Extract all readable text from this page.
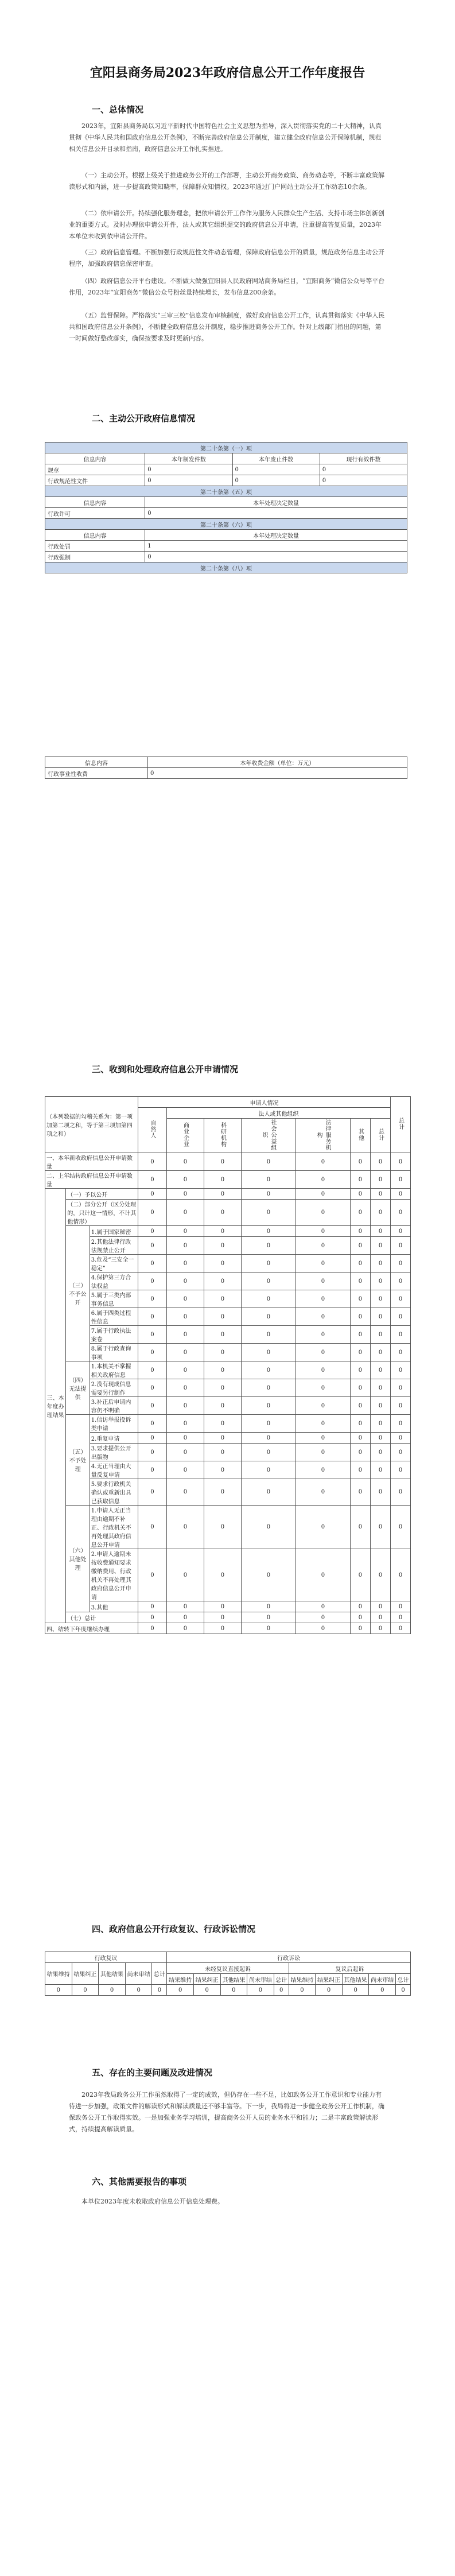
宜阳县商务局2023年政府信息公开工作年度报告
一、总体情况

2023年，宜阳县商务局以习近平新时代中国特色社会主义思想为指导，深入贯彻落实党的二十大精神，认真贯彻《中华人民共和国政府信息公开条例》，不断完善政府信息公开制度，建立健全政府信息公开保障机制，规范相关信息公开目录和指南，政府信息公开工作扎实推进。

（一）主动公开。根据上级关于推进政务公开的工作部署，主动公开商务政策、商务动态等，不断丰富政策解读形式和内涵，进一步提高政策知晓率，保障群众知情权。2023年通过门户网站主动公开工作动态10余条。

（二）依申请公开。持续强化服务理念，把依申请公开工作作为服务人民群众生产生活、支持市场主体创新创业的重要方式。及时办理依申请公开件，法人或其它组织提交的政府信息公开申请，注重提高答复质量，2023年本单位未收到依申请公开件。

（三）政府信息管理。不断加强行政规范性文件动态管理，保障政府信息公开的质量，规范政务信息主动公开程序，加强政府信息保密审查。

（四）政府信息公开平台建设。不断做大做强宜阳县人民政府网站商务局栏目，“宜阳商务”微信公众号等平台作用，2023年“宜阳商务”微信公众号粉丝量持续增长，发布信息200余条。

（五）监督保障。严格落实“三审三校”信息发布审核制度，做好政府信息公开工作，认真贯彻落实《中华人民共和国政府信息公开条例》，不断健全政府信息公开制度，稳步推进商务公开工作。针对上级部门指出的问题，第一时间做好整改落实，确保按要求及时更新内容。

二、主动公开政府信息情况
第二十条第（一）项			
信息内容	本年制发件数	本年废止件数	现行有效件数
规章	0	0	0
行政规范性文件	0	0	0
第二十条第（五）项			
信息内容	本年处理决定数量		
行政许可	0		
第二十条第（六）项			
信息内容	本年处理决定数量		
行政处罚	1		
行政强制	0		
第二十条第（八）项			
信息内容	本年收费金额（单位：万元）
行政事业性收费	0
三、收到和处理政府信息公开申请情况
（本列数据的勾稽关系为：第一项加第二项之和，等于第三项加第四项之和）			申请人情况							总计
			自然人	法人或其他组织						
				商业企业	科研机构	社会公益组织	法律服务机构	其他	总计	
一、本年新收政府信息公开申请数量			0	0	0	0	0	0	0	0
二、上年结转政府信息公开申请数量			0	0	0	0	0	0	0	0
三、本年度办理结果	（一）予以公开		0	0	0	0	0	0	0	0
	（二）部分公开（区分处理的，只计这一情形，不计其他情形）		0	0	0	0	0	0	0	0
	（三）不予公开	1.属于国家秘密	0	0	0	0	0	0	0	0
		2.其他法律行政法规禁止公开	0	0	0	0	0	0	0	0
		3.危及“三安全一稳定”	0	0	0	0	0	0	0	0
		4.保护第三方合法权益	0	0	0	0	0	0	0	0
		5.属于三类内部事务信息	0	0	0	0	0	0	0	0
		6.属于四类过程性信息	0	0	0	0	0	0	0	0
		7.属于行政执法案卷	0	0	0	0	0	0	0	0
		8.属于行政查询事项	0	0	0	0	0	0	0	0
	（四）无法提供	1.本机关不掌握相关政府信息	0	0	0	0	0	0	0	0
		2.没有现成信息需要另行制作	0	0	0	0	0	0	0	0
		3.补正后申请内容仍不明确	0	0	0	0	0	0	0	0
	（五）不予处理	1.信访举报投诉类申请	0	0	0	0	0	0	0	0
		2.重复申请	0	0	0	0	0	0	0	0
		3.要求提供公开出版物	0	0	0	0	0	0	0	0
		4.无正当理由大量反复申请	0	0	0	0	0	0	0	0
		5.要求行政机关确认或重新出具已获取信息	0	0	0	0	0	0	0	0
	（六）其他处理	1.申请人无正当理由逾期不补正、行政机关不再处理其政府信息公开申请	0	0	0	0	0	0	0	0
		2.申请人逾期未按收费通知要求缴纳费用、行政机关不再处理其政府信息公开申请	0	0	0	0	0	0	0	0
		3.其他	0	0	0	0	0	0	0	0
	（七）总计		0	0	0	0	0	0	0	0
四、结转下年度继续办理			0	0	0	0	0	0	0	0
四、政府信息公开行政复议、行政诉讼情况
行政复议					行政诉讼									
结果维持	结果纠正	其他结果	尚未审结	总计	未经复议直接起诉					复议后起诉				
					结果维持	结果纠正	其他结果	尚未审结	总计	结果维持	结果纠正	其他结果	尚未审结	总计
0	0	0	0	0	0	0	0	0	0	0	0	0	0	0
五、存在的主要问题及改进情况

2023年我局政务公开工作虽然取得了一定的成效，但仍存在一些不足，比如政务公开工作意识和专业能力有待进一步加强，政策文件的解读形式和解读质量还不够丰富等。下一步，我局将进一步健全政务公开工作机制，确保政务公开工作取得实效。一是加强业务学习培训，提高商务公开人员的业务水平和能力；二是丰富政策解读形式，持续提高解读质量。

六、其他需要报告的事项

本单位2023年度未收取政府信息公开信息处理费。
